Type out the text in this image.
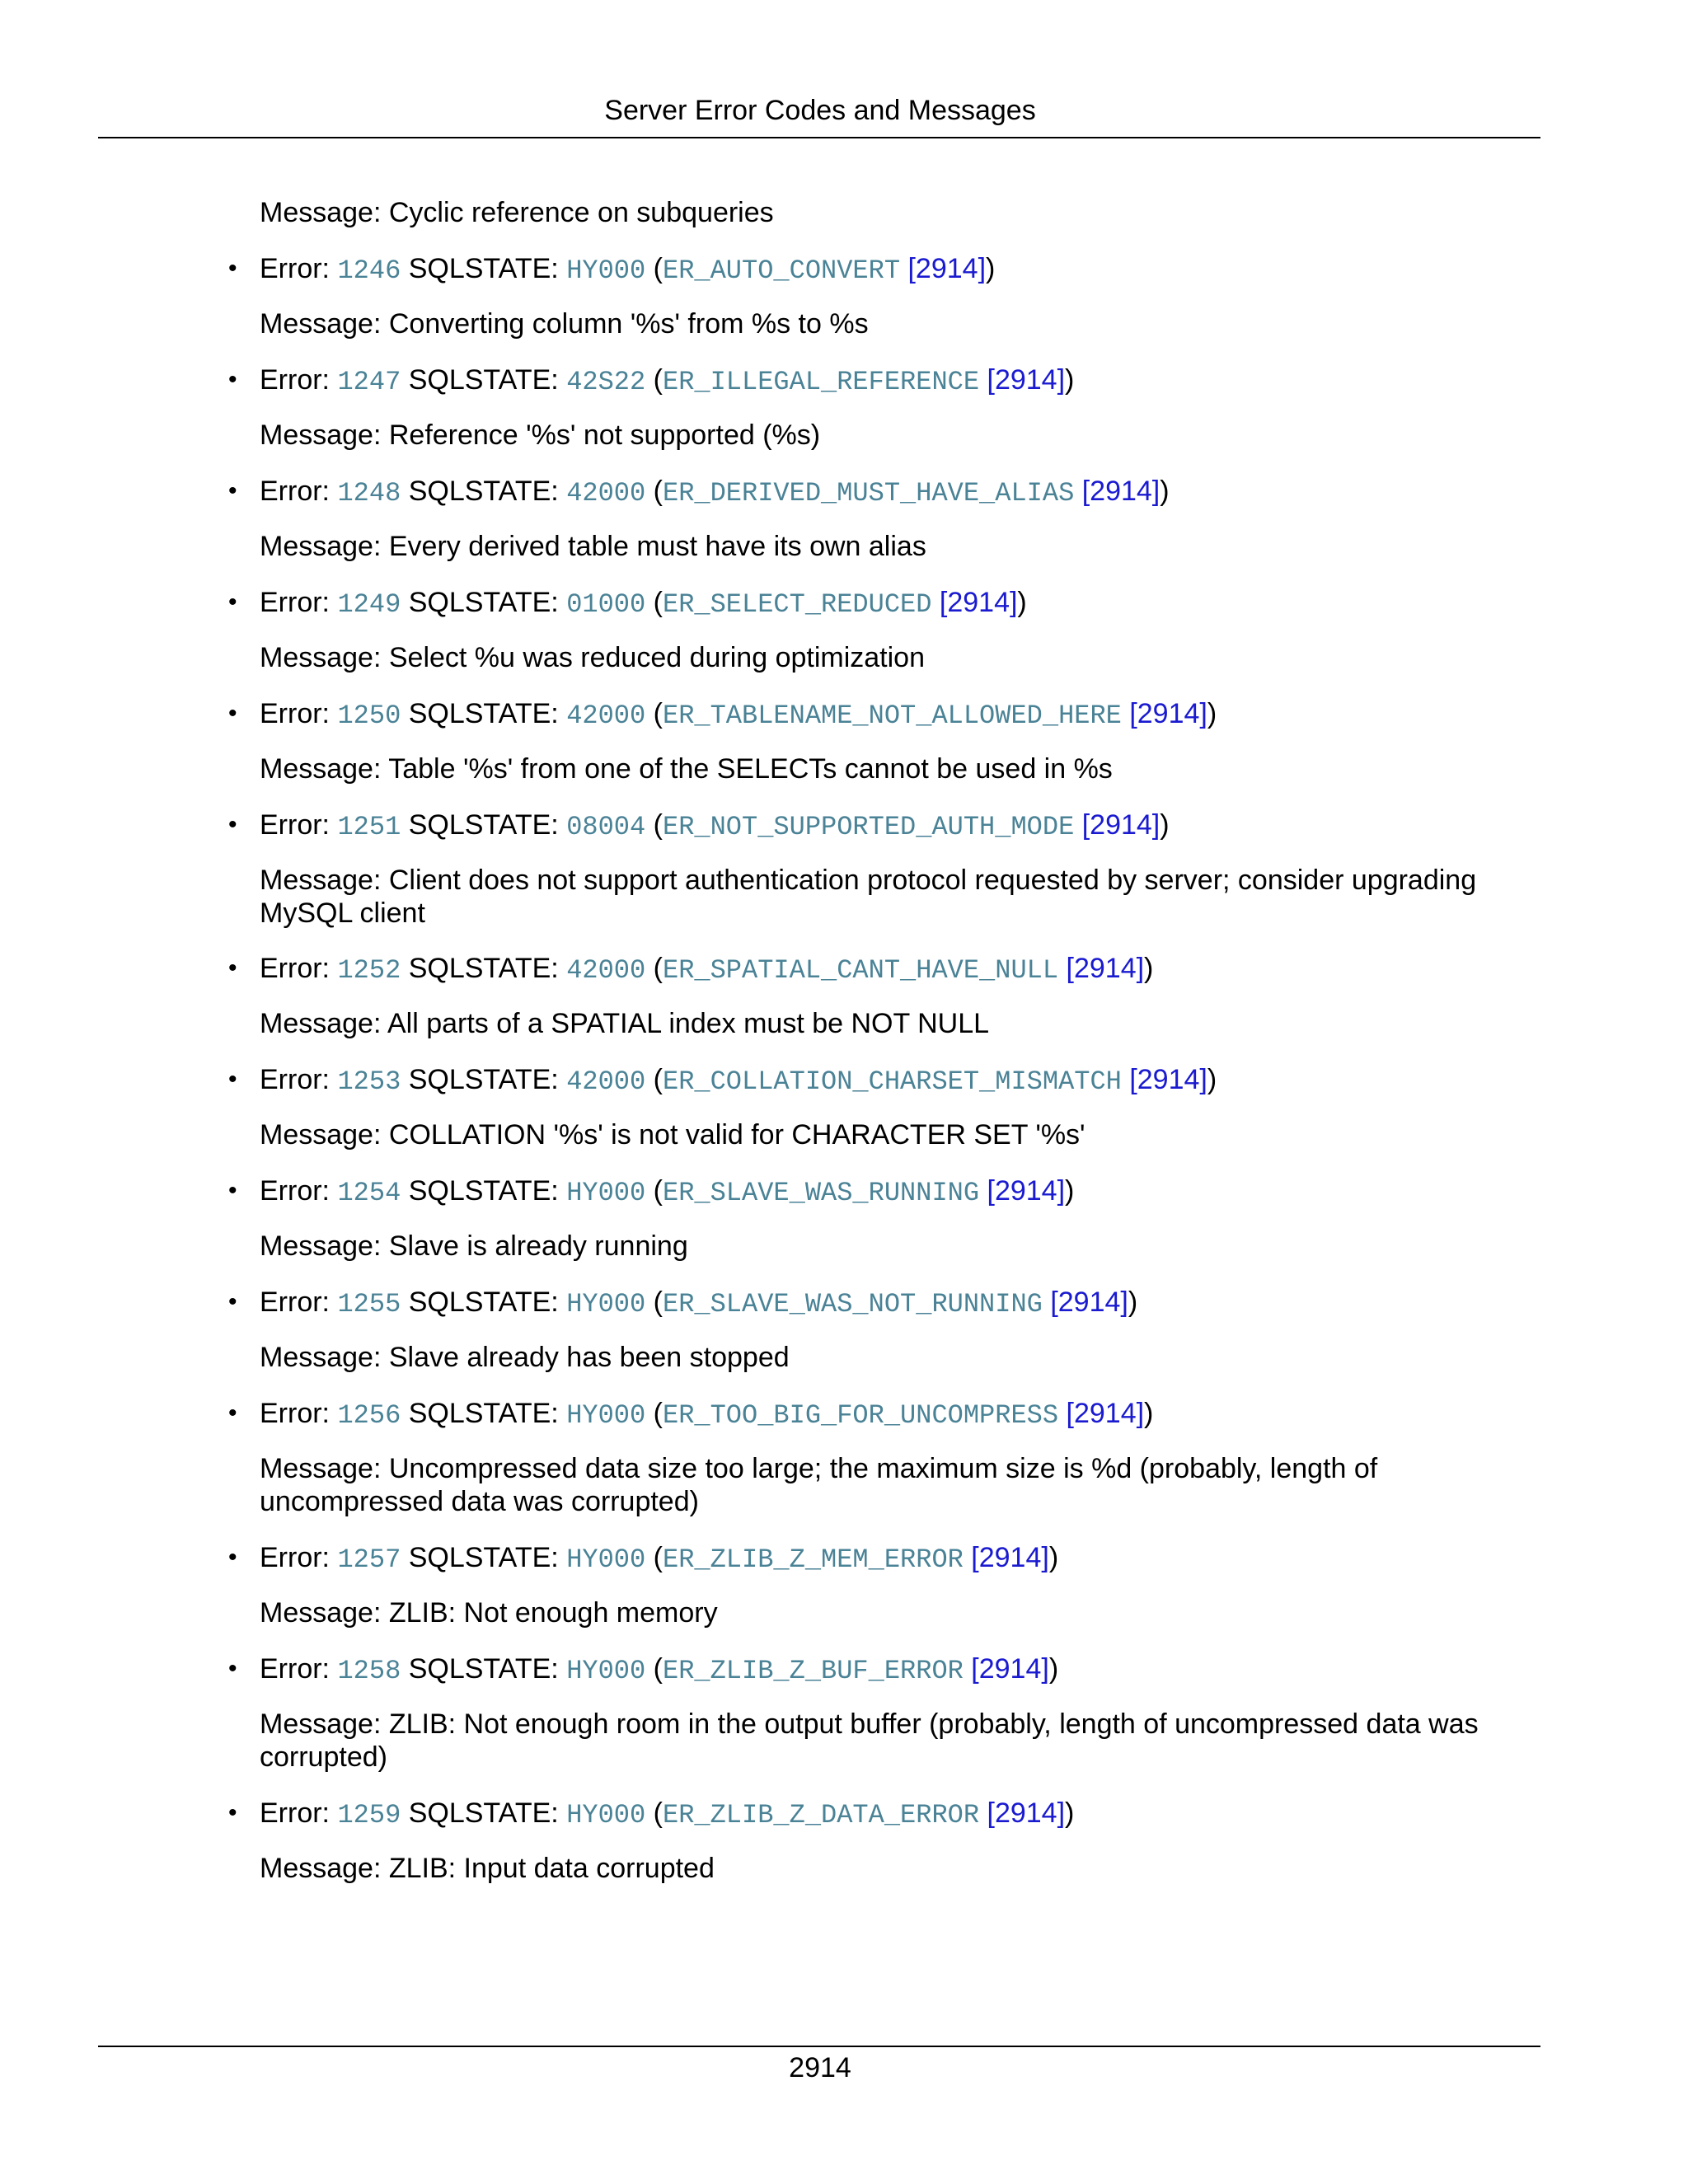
Server Error Codes and Messages
Message: Cyclic reference on subqueries
• Error: 1246 SQLSTATE: HY000 (ER_AUTO_CONVERT [2914])
Message: Converting column '%s' from %s to %s
• Error: 1247 SQLSTATE: 42S22 (ER_ILLEGAL_REFERENCE [2914])
Message: Reference '%s' not supported (%s)
• Error: 1248 SQLSTATE: 42000 (ER_DERIVED_MUST_HAVE_ALIAS [2914])
Message: Every derived table must have its own alias
• Error: 1249 SQLSTATE: 01000 (ER_SELECT_REDUCED [2914])
Message: Select %u was reduced during optimization
• Error: 1250 SQLSTATE: 42000 (ER_TABLENAME_NOT_ALLOWED_HERE [2914])
Message: Table '%s' from one of the SELECTs cannot be used in %s
• Error: 1251 SQLSTATE: 08004 (ER_NOT_SUPPORTED_AUTH_MODE [2914])
Message: Client does not support authentication protocol requested by server; consider upgrading MySQL client
• Error: 1252 SQLSTATE: 42000 (ER_SPATIAL_CANT_HAVE_NULL [2914])
Message: All parts of a SPATIAL index must be NOT NULL
• Error: 1253 SQLSTATE: 42000 (ER_COLLATION_CHARSET_MISMATCH [2914])
Message: COLLATION '%s' is not valid for CHARACTER SET '%s'
• Error: 1254 SQLSTATE: HY000 (ER_SLAVE_WAS_RUNNING [2914])
Message: Slave is already running
• Error: 1255 SQLSTATE: HY000 (ER_SLAVE_WAS_NOT_RUNNING [2914])
Message: Slave already has been stopped
• Error: 1256 SQLSTATE: HY000 (ER_TOO_BIG_FOR_UNCOMPRESS [2914])
Message: Uncompressed data size too large; the maximum size is %d (probably, length of uncompressed data was corrupted)
• Error: 1257 SQLSTATE: HY000 (ER_ZLIB_Z_MEM_ERROR [2914])
Message: ZLIB: Not enough memory
• Error: 1258 SQLSTATE: HY000 (ER_ZLIB_Z_BUF_ERROR [2914])
Message: ZLIB: Not enough room in the output buffer (probably, length of uncompressed data was corrupted)
• Error: 1259 SQLSTATE: HY000 (ER_ZLIB_Z_DATA_ERROR [2914])
Message: ZLIB: Input data corrupted
2914
